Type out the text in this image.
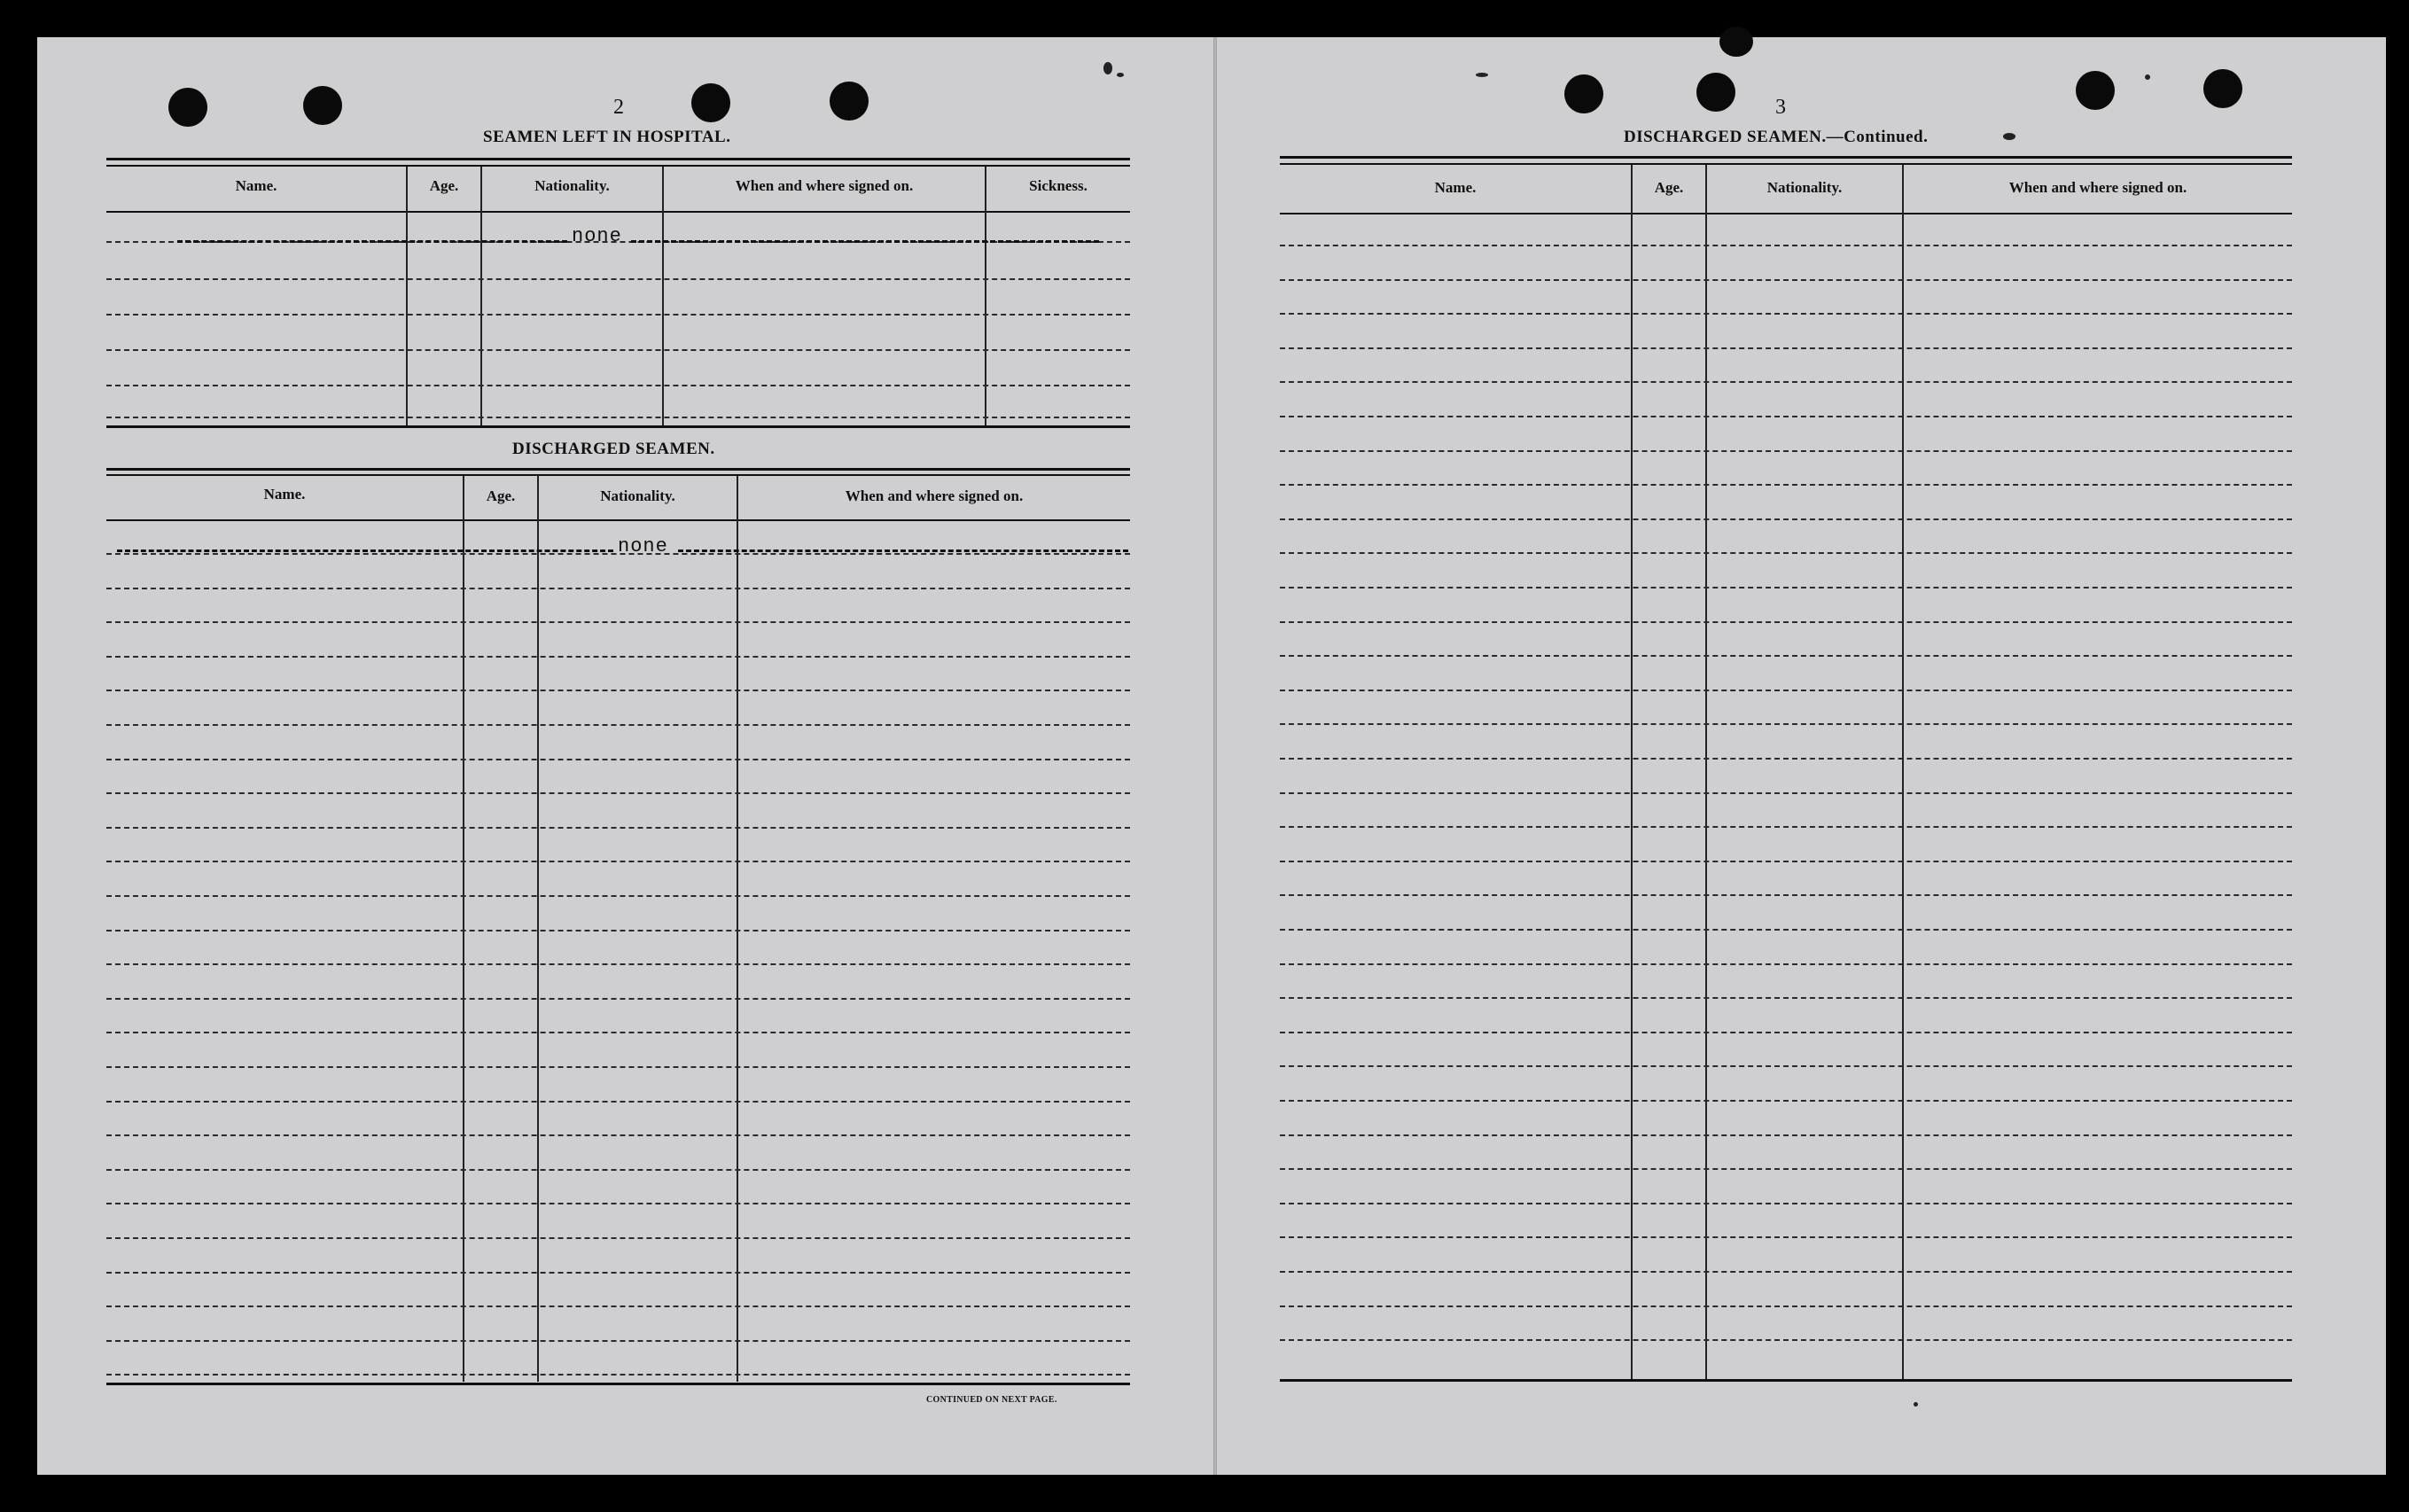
2
SEAMEN LEFT IN HOSPITAL.
Name.	Age.	Nationality.	When and where signed on.	Sickness.
none
DISCHARGED SEAMEN.
Name.	Age.	Nationality.	When and where signed on.
none
CONTINUED ON NEXT PAGE.
3
DISCHARGED SEAMEN.—Continued.
Name.	Age.	Nationality.	When and where signed on.
